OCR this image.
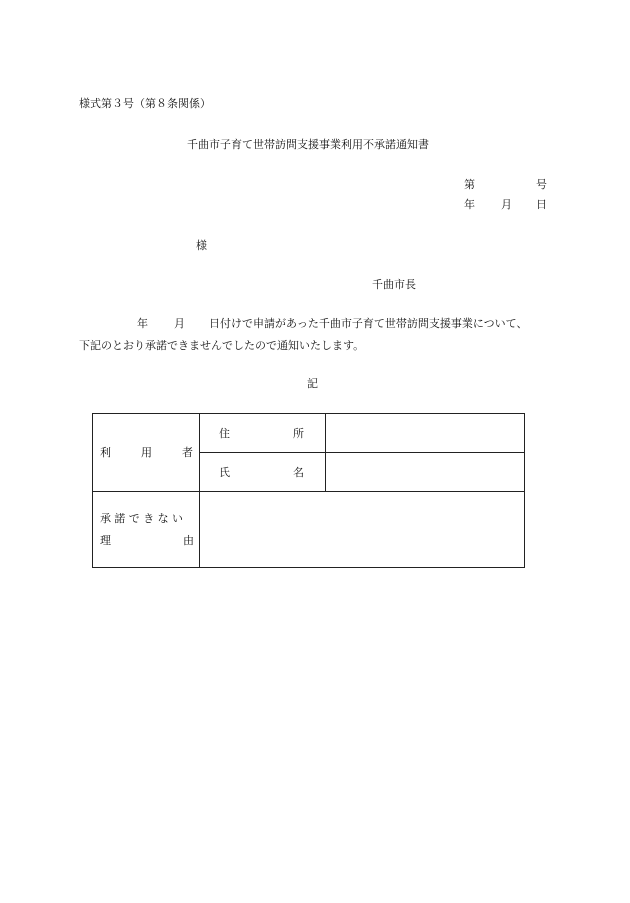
様式第３号（第８条関係）
千曲市子育て世帯訪問支援事業利用不承諾通知書
第	号
年 月 日
様
千曲市長
年 月 日付けで申請があった千曲市子育て世帯訪問支援事業について、
下記のとおり承諾できませんでしたので通知いたします。
記
利 用 者	住 所	

	氏 名	

承諾できない
理 由		
